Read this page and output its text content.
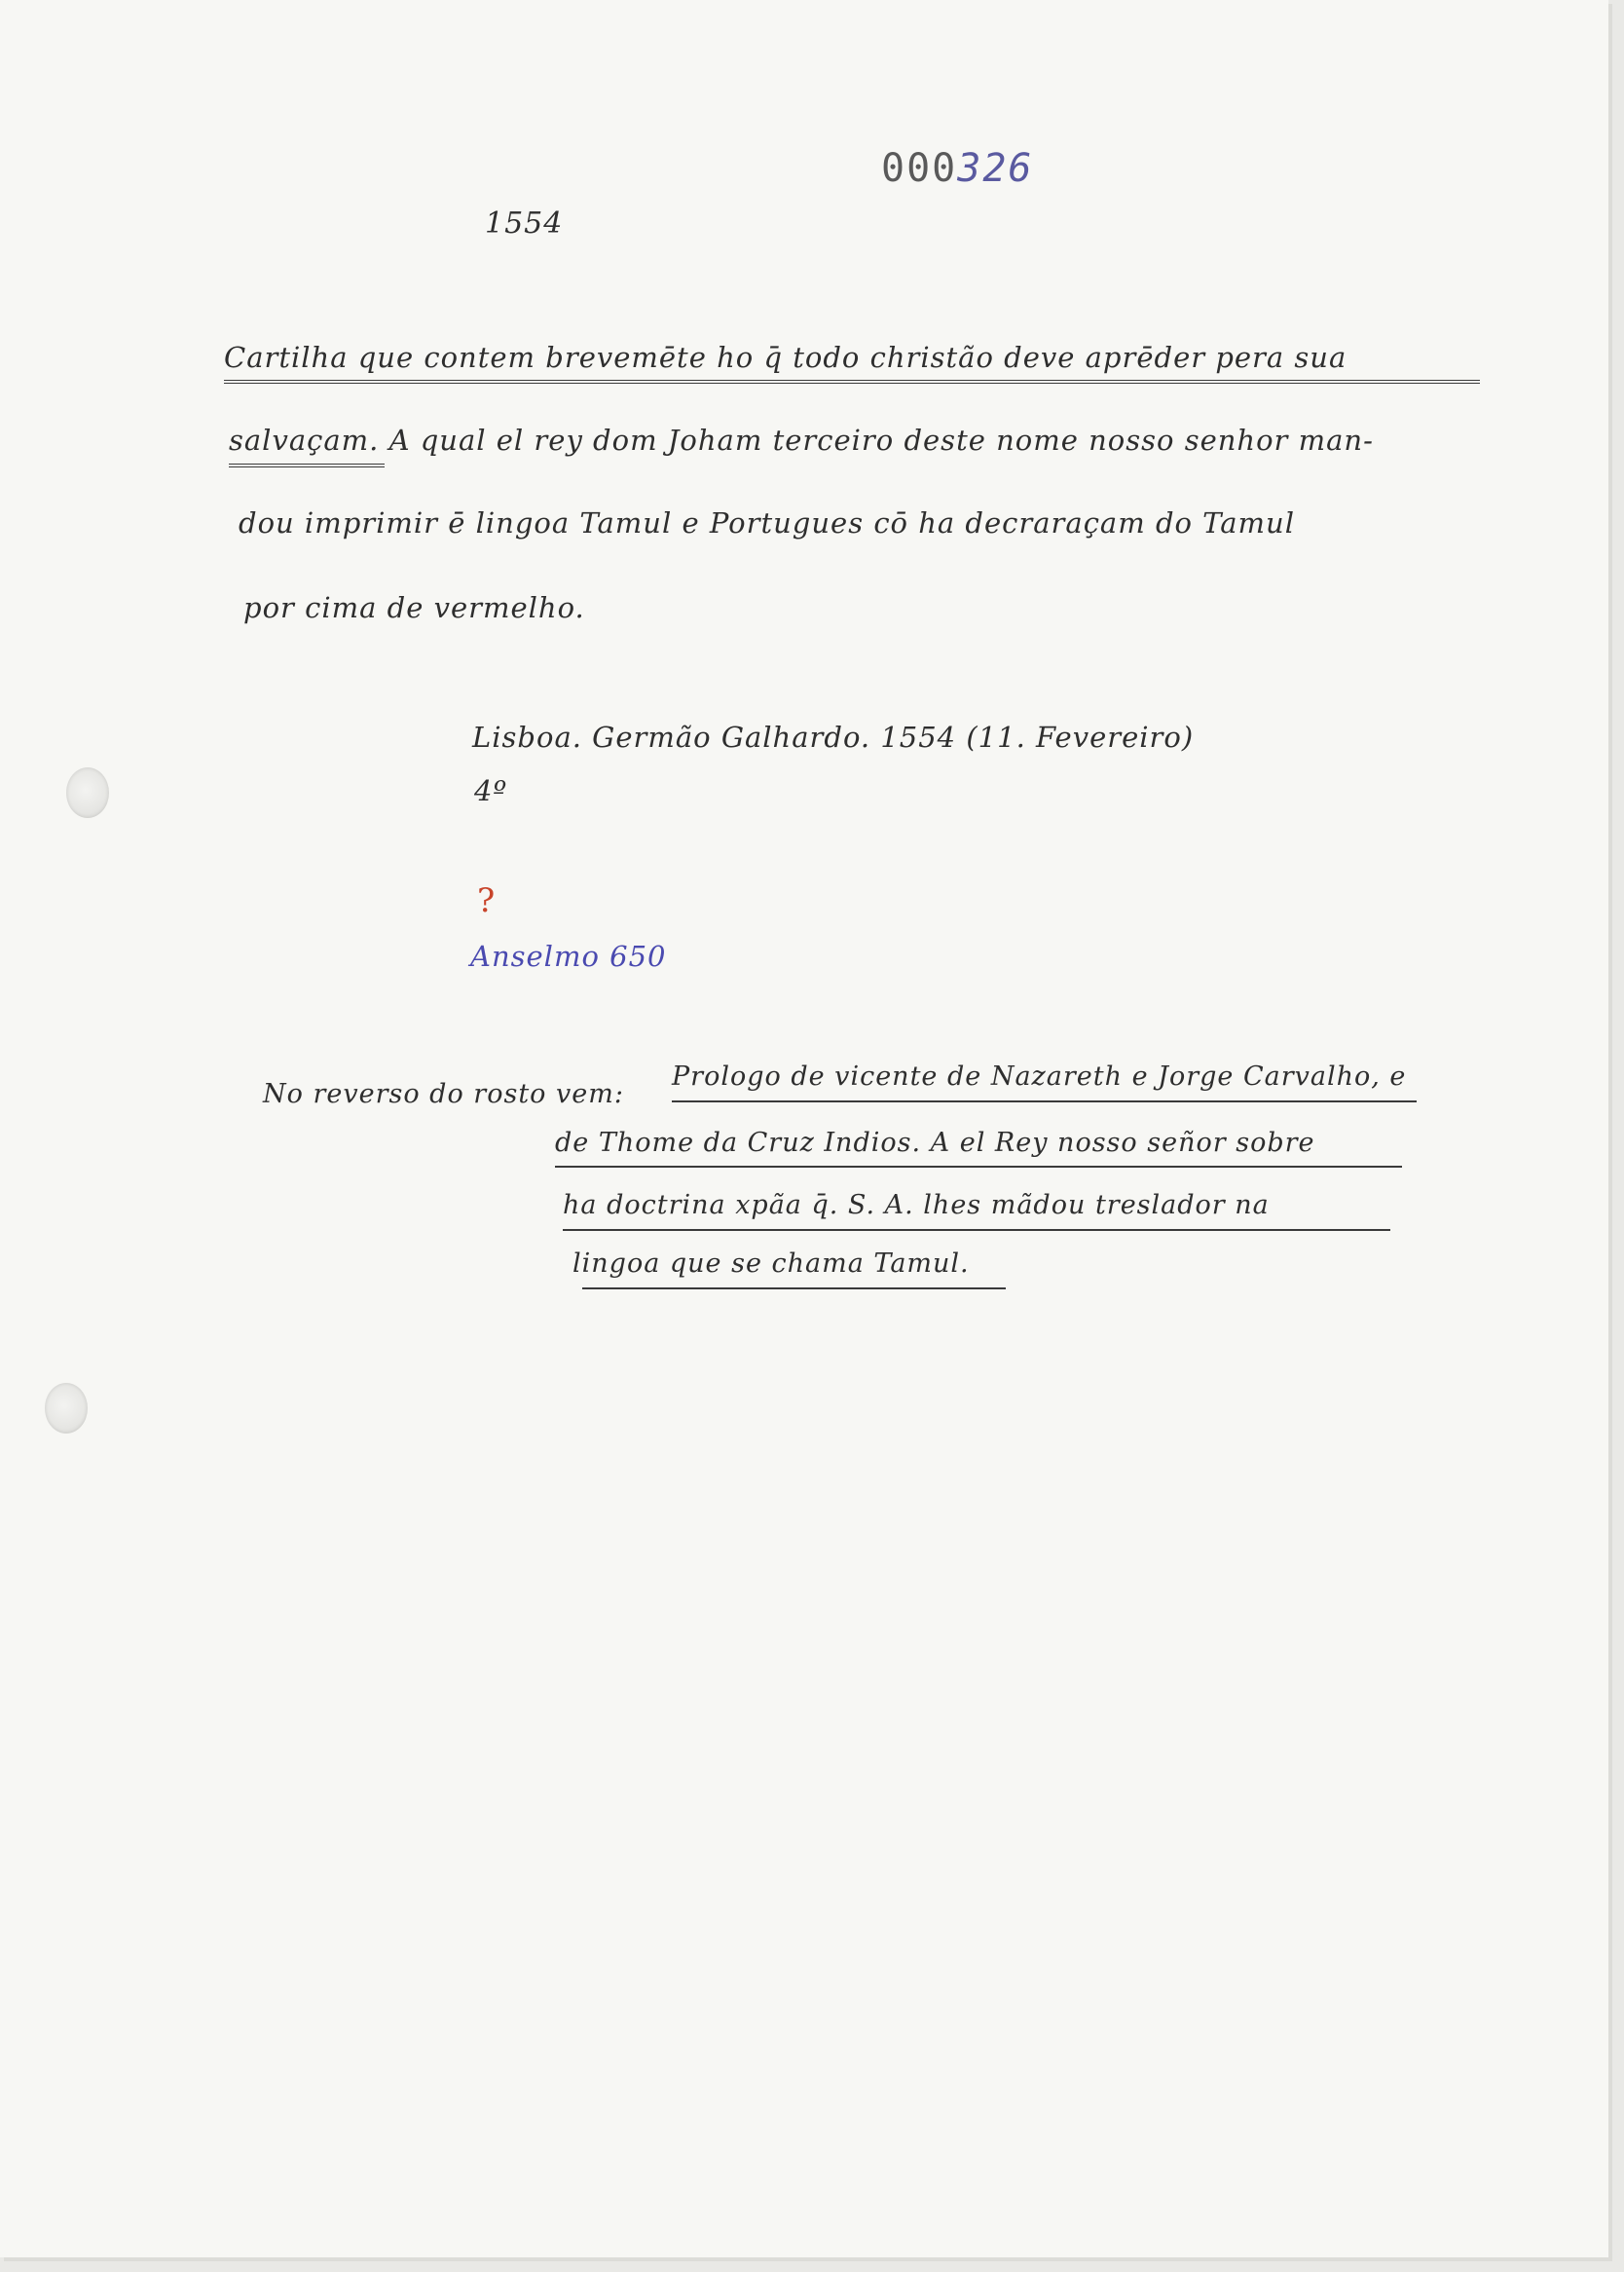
000326
1554
Cartilha que contem brevemēte ho q̄ todo christão deve aprēder pera sua
salvaçam. A qual el rey dom Joham terceiro deste nome nosso senhor man-
dou imprimir ē lingoa Tamul e Portugues cō ha decraraçam do Tamul
por cima de vermelho.
Lisboa. Germão Galhardo. 1554 (11. Fevereiro)
4º
?
Anselmo 650
No reverso do rosto vem:
Prologo de vicente de Nazareth e Jorge Carvalho, e
de Thome da Cruz Indios. A el Rey nosso señor sobre
ha doctrina xpãa q̄. S. A. lhes mãdou treslador na
lingoa que se chama Tamul.
